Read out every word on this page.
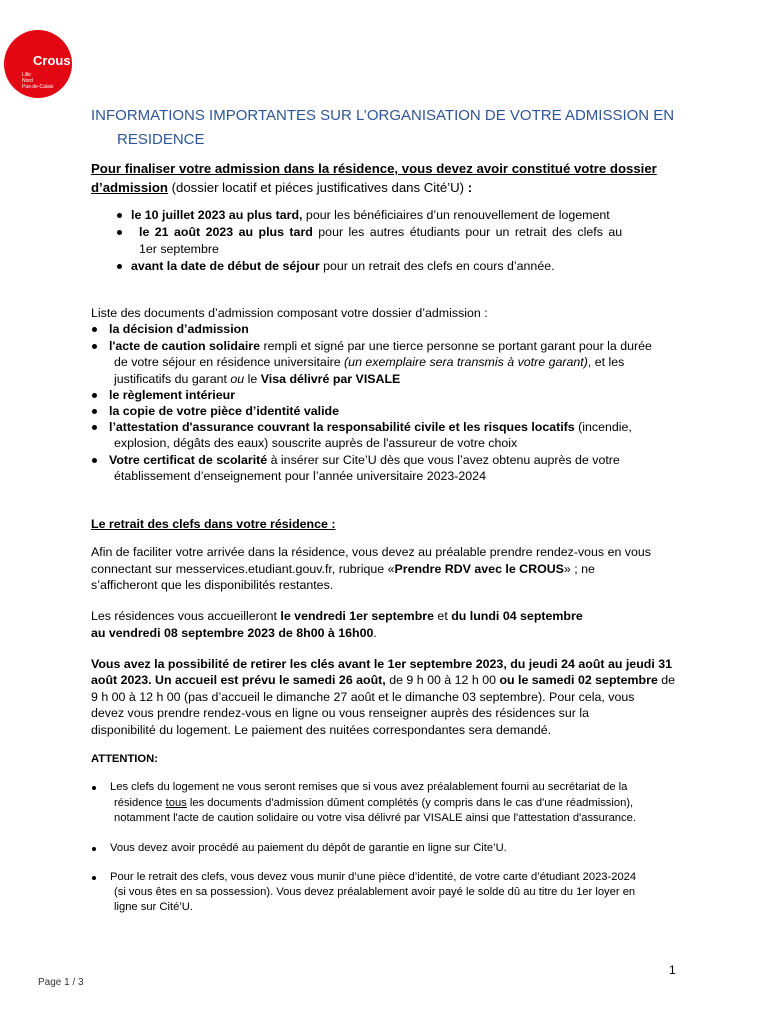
Crous
Lille
Nord
Pas-de-Calais
INFORMATIONS IMPORTANTES SUR L’ORGANISATION DE VOTRE ADMISSION EN
RESIDENCE
Pour finaliser votre admission dans la résidence, vous devez avoir constitué votre dossier d’admission (dossier locatif et piéces justificatives dans Cité’U) :
le 10 juillet 2023 au plus tard, pour les bénéficiaires d’un renouvellement de logement
le 21 août 2023 au plus tard pour les autres étudiants pour un retrait des clefs au
1er septembre
avant la date de début de séjour pour un retrait des clefs en cours d’année.
Liste des documents d’admission composant votre dossier d’admission :
la décision d’admission
l'acte de caution solidaire rempli et signé par une tierce personne se portant garant pour la durée
de votre séjour en résidence universitaire (un exemplaire sera transmis à votre garant), et les
justificatifs du garant ou le Visa délivré par VISALE
le règlement intérieur
la copie de votre pièce d’identité valide
l’attestation d'assurance couvrant la responsabilité civile et les risques locatifs (incendie,
explosion, dégâts des eaux) souscrite auprès de l'assureur de votre choix
Votre certificat de scolarité à insérer sur Cite’U dès que vous l’avez obtenu auprès de votre
établissement d’enseignement pour l’année universitaire 2023-2024
Le retrait des clefs dans votre résidence :
Afin de faciliter votre arrivée dans la résidence, vous devez au préalable prendre rendez-vous en vous
connectant sur messervices.etudiant.gouv.fr, rubrique «Prendre RDV avec le CROUS» ; ne
s’afficheront que les disponibilités restantes.
Les résidences vous accueilleront le vendredi 1er septembre et du lundi 04 septembre
au vendredi 08 septembre 2023 de 8h00 à 16h00.
Vous avez la possibilité de retirer les clés avant le 1er septembre 2023, du jeudi 24 août au jeudi 31
août 2023. Un accueil est prévu le samedi 26 août, de 9 h 00 à 12 h 00 ou le samedi 02 septembre de
9 h 00 à 12 h 00 (pas d’accueil le dimanche 27 août et le dimanche 03 septembre). Pour cela, vous
devez vous prendre rendez-vous en ligne ou vous renseigner auprès des résidences sur la
disponibilité du logement. Le paiement des nuitées correspondantes sera demandé.
ATTENTION:
Les clefs du logement ne vous seront remises que si vous avez préalablement fourni au secrétariat de la
résidence tous les documents d'admission dûment complétés (y compris dans le cas d'une réadmission),
notamment l'acte de caution solidaire ou votre visa délivré par VISALE ainsi que l'attestation d'assurance.
Vous devez avoir procédé au paiement du dépôt de garantie en ligne sur Cite’U.
Pour le retrait des clefs, vous devez vous munir d’une pièce d’identité, de votre carte d’étudiant 2023-2024
(si vous êtes en sa possession). Vous devez préalablement avoir payé le solde dû au titre du 1er loyer en
ligne sur Cité’U.
1
Page 1 / 3
